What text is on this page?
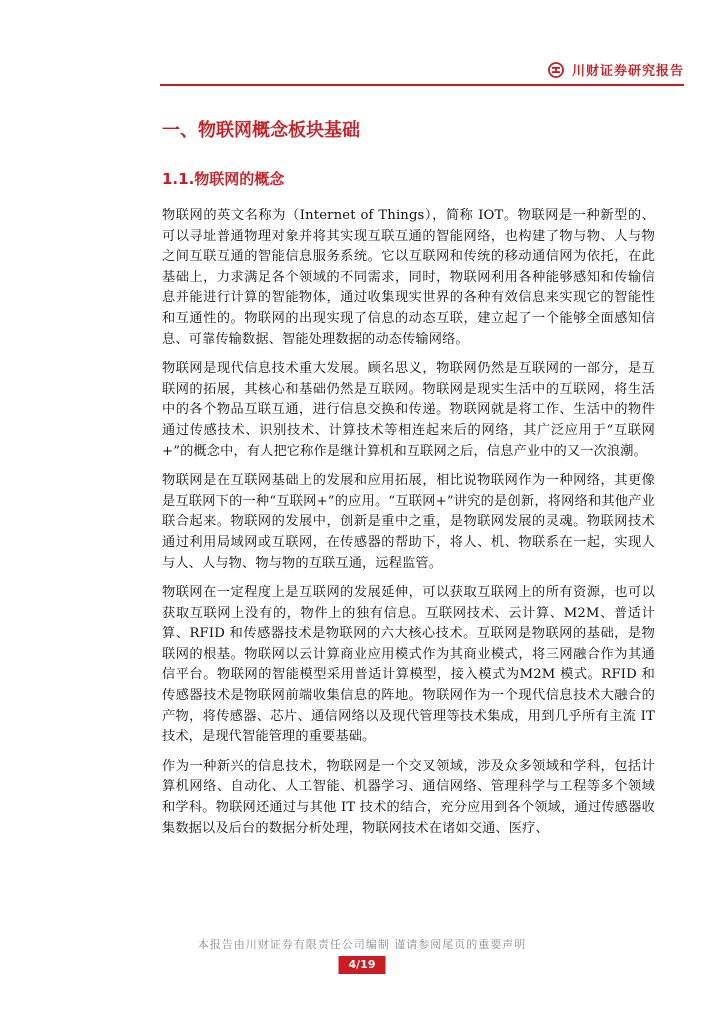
川财证券研究报告
一、物联网概念板块基础
1.1.物联网的概念

物联网的英文名称为（Internet of Things），简称 IOT。物联网是一种新型的、可以寻址普通物理对象并将其实现互联互通的智能网络，也构建了物与物、人与物之间互联互通的智能信息服务系统。它以互联网和传统的移动通信网为依托，在此基础上，力求满足各个领域的不同需求，同时，物联网利用各种能够感知和传输信息并能进行计算的智能物体，通过收集现实世界的各种有效信息来实现它的智能性和互通性的。物联网的出现实现了信息的动态互联，建立起了一个能够全面感知信息、可靠传输数据、智能处理数据的动态传输网络。

物联网是现代信息技术重大发展。顾名思义，物联网仍然是互联网的一部分，是互联网的拓展，其核心和基础仍然是互联网。物联网是现实生活中的互联网，将生活中的各个物品互联互通，进行信息交换和传递。物联网就是将工作、生活中的物件通过传感技术、识别技术、计算技术等相连起来后的网络，其广泛应用于“互联网+”的概念中，有人把它称作是继计算机和互联网之后，信息产业中的又一次浪潮。

物联网是在互联网基础上的发展和应用拓展，相比说物联网作为一种网络，其更像是互联网下的一种“互联网+”的应用。“互联网+”讲究的是创新，将网络和其他产业联合起来。物联网的发展中，创新是重中之重，是物联网发展的灵魂。物联网技术通过利用局域网或互联网，在传感器的帮助下，将人、机、物联系在一起，实现人与人、人与物、物与物的互联互通，远程监管。

物联网在一定程度上是互联网的发展延伸，可以获取互联网上的所有资源，也可以获取互联网上没有的，物件上的独有信息。互联网技术、云计算、M2M、普适计算、RFID 和传感器技术是物联网的六大核心技术。互联网是物联网的基础，是物联网的根基。物联网以云计算商业应用模式作为其商业模式，将三网融合作为其通信平台。物联网的智能模型采用普适计算模型，接入模式为M2M 模式。RFID 和传感器技术是物联网前端收集信息的阵地。物联网作为一个现代信息技术大融合的产物，将传感器、芯片、通信网络以及现代管理等技术集成，用到几乎所有主流 IT 技术，是现代智能管理的重要基础。

作为一种新兴的信息技术，物联网是一个交叉领域，涉及众多领域和学科，包括计算机网络、自动化、人工智能、机器学习、通信网络、管理科学与工程等多个领域和学科。物联网还通过与其他 IT 技术的结合，充分应用到各个领域，通过传感器收集数据以及后台的数据分析处理，物联网技术在诸如交通、医疗、

本报告由川财证券有限责任公司编制 谨请参阅尾页的重要声明
4/19
